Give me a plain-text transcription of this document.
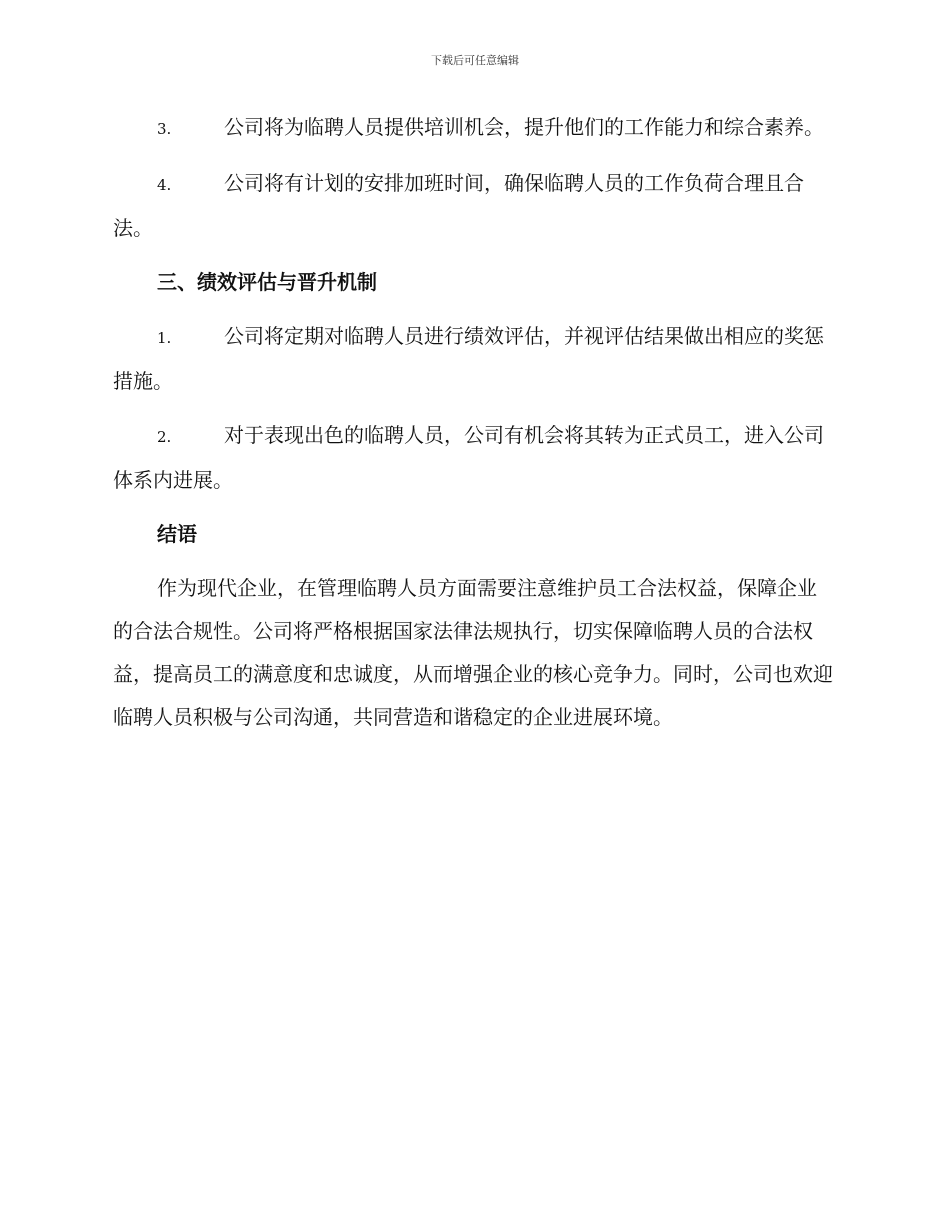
下载后可任意编辑

3.	公司将为临聘人员提供培训机会，提升他们的工作能力和综合素养。

4.	公司将有计划的安排加班时间，确保临聘人员的工作负荷合理且合法。

三、绩效评估与晋升机制

1.	公司将定期对临聘人员进行绩效评估，并视评估结果做出相应的奖惩措施。

2.	对于表现出色的临聘人员，公司有机会将其转为正式员工，进入公司体系内进展。

结语

作为现代企业，在管理临聘人员方面需要注意维护员工合法权益，保障企业的合法合规性。公司将严格根据国家法律法规执行，切实保障临聘人员的合法权益，提高员工的满意度和忠诚度，从而增强企业的核心竞争力。同时，公司也欢迎临聘人员积极与公司沟通，共同营造和谐稳定的企业进展环境。
